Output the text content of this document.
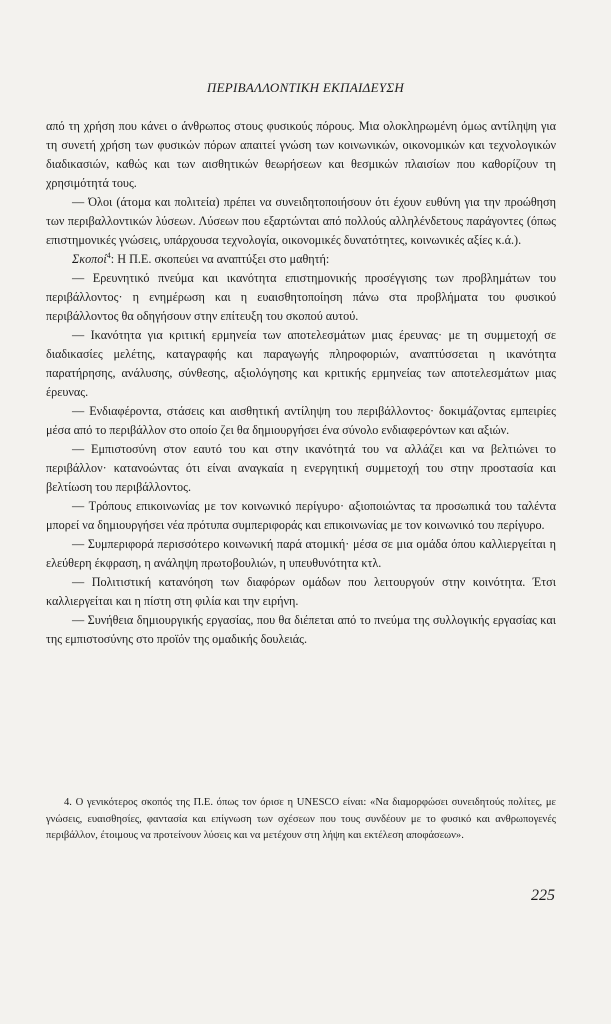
ΠΕΡΙΒΑΛΛΟΝΤΙΚΗ ΕΚΠΑΙΔΕΥΣΗ

από τη χρήση που κάνει ο άνθρωπος στους φυσικούς πόρους. Μια ολοκληρωμένη όμως αντίληψη για τη συνετή χρήση των φυσικών πόρων απαιτεί γνώση των κοινωνικών, οικονομικών και τεχνολογικών διαδικασιών, καθώς και των αισθητικών θεωρήσεων και θεσμικών πλαισίων που καθορίζουν τη χρησιμότητά τους.

— Όλοι (άτομα και πολιτεία) πρέπει να συνειδητοποιήσουν ότι έχουν ευθύνη για την προώθηση των περιβαλλοντικών λύσεων. Λύσεων που εξαρτώνται από πολλούς αλληλένδετους παράγοντες (όπως επιστημονικές γνώσεις, υπάρχουσα τεχνολογία, οικονομικές δυνατότητες, κοινωνικές αξίες κ.ά.).

Σκοποί$^4$: Η Π.Ε. σκοπεύει να αναπτύξει στο μαθητή:

— Ερευνητικό πνεύμα και ικανότητα επιστημονικής προσέγγισης των προβλημάτων του περιβάλλοντος· η ενημέρωση και η ευαισθητοποίηση πάνω στα προβλήματα του φυσικού περιβάλλοντος θα οδηγήσουν στην επίτευξη του σκοπού αυτού.

— Ικανότητα για κριτική ερμηνεία των αποτελεσμάτων μιας έρευνας· με τη συμμετοχή σε διαδικασίες μελέτης, καταγραφής και παραγωγής πληροφοριών, αναπτύσσεται η ικανότητα παρατήρησης, ανάλυσης, σύνθεσης, αξιολόγησης και κριτικής ερμηνείας των αποτελεσμάτων μιας έρευνας.

— Ενδιαφέροντα, στάσεις και αισθητική αντίληψη του περιβάλλοντος· δοκιμάζοντας εμπειρίες μέσα από το περιβάλλον στο οποίο ζει θα δημιουργήσει ένα σύνολο ενδιαφερόντων και αξιών.

— Εμπιστοσύνη στον εαυτό του και στην ικανότητά του να αλλάζει και να βελτιώνει το περιβάλλον· κατανοώντας ότι είναι αναγκαία η ενεργητική συμμετοχή του στην προστασία και βελτίωση του περιβάλλοντος.

— Τρόπους επικοινωνίας με τον κοινωνικό περίγυρο· αξιοποιώντας τα προσωπικά του ταλέντα μπορεί να δημιουργήσει νέα πρότυπα συμπεριφοράς και επικοινωνίας με τον κοινωνικό του περίγυρο.

— Συμπεριφορά περισσότερο κοινωνική παρά ατομική· μέσα σε μια ομάδα όπου καλλιεργείται η ελεύθερη έκφραση, η ανάληψη πρωτοβουλιών, η υπευθυνότητα κτλ.

— Πολιτιστική κατανόηση των διαφόρων ομάδων που λειτουργούν στην κοινότητα. Έτσι καλλιεργείται και η πίστη στη φιλία και την ειρήνη.

— Συνήθεια δημιουργικής εργασίας, που θα διέπεται από το πνεύμα της συλλογικής εργασίας και της εμπιστοσύνης στο προϊόν της ομαδικής δουλειάς.

4. Ο γενικότερος σκοπός της Π.Ε. όπως τον όρισε η UNESCO είναι: «Να διαμορφώσει συνειδητούς πολίτες, με γνώσεις, ευαισθησίες, φαντασία και επίγνωση των σχέσεων που τους συνδέουν με το φυσικό και ανθρωπογενές περιβάλλον, έτοιμους να προτείνουν λύσεις και να μετέχουν στη λήψη και εκτέλεση αποφάσεων».
225
